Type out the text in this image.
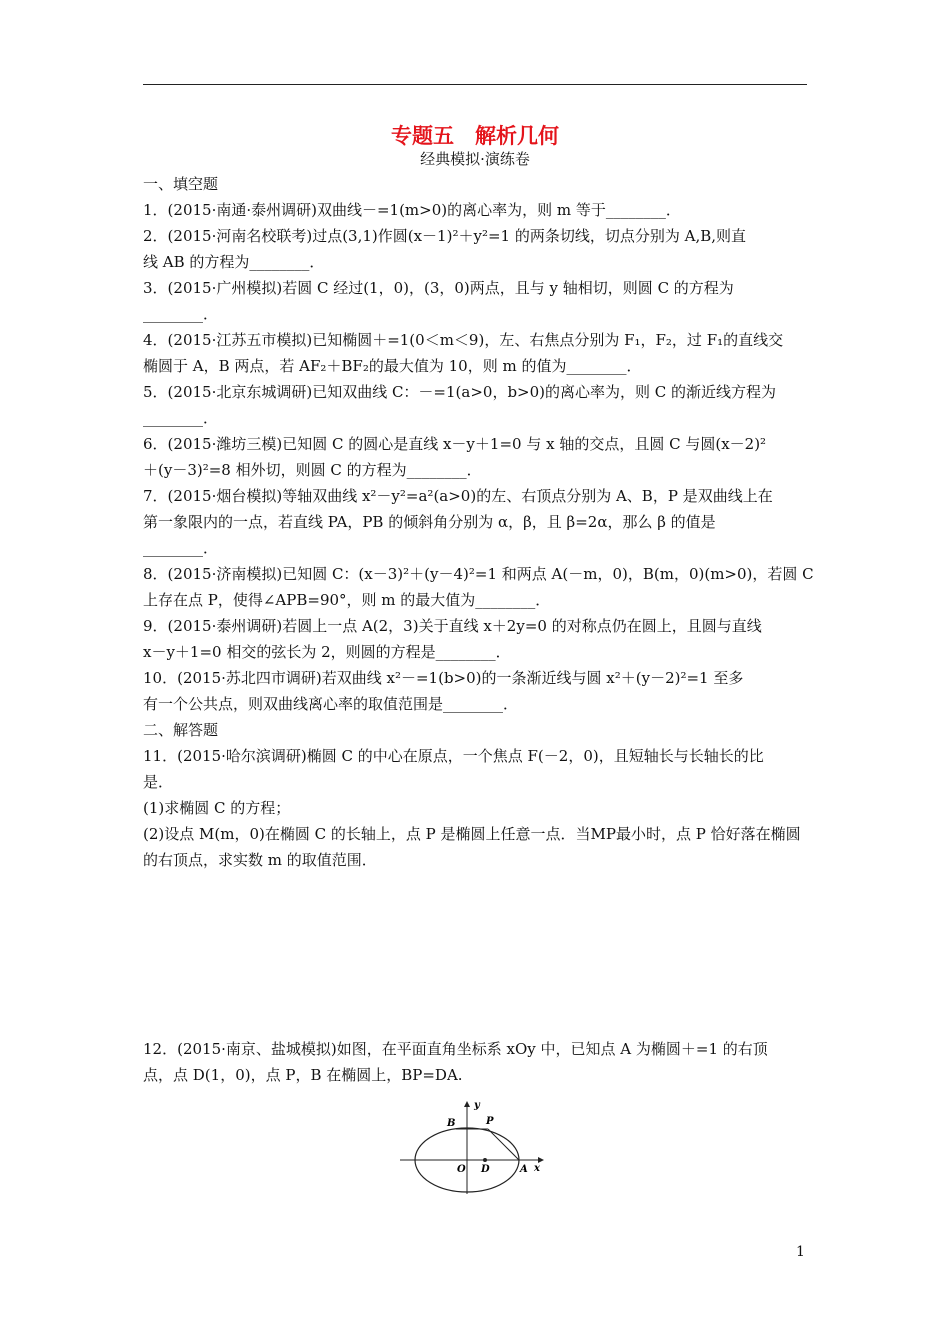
专题五　解析几何
经典模拟·演练卷

一、填空题

1．(2015·南通·泰州调研)双曲线－=1(m>0)的离心率为，则 m 等于________．

2．(2015·河南名校联考)过点(3,1)作圆(x－1)²＋y²=1 的两条切线，切点分别为 A,B,则直

线 AB 的方程为________．

3．(2015·广州模拟)若圆 C 经过(1，0)，(3，0)两点，且与 y 轴相切，则圆 C 的方程为

________．

4．(2015·江苏五市模拟)已知椭圆＋=1(0＜m＜9)，左、右焦点分别为 F₁，F₂，过 F₁的直线交

椭圆于 A，B 两点，若 AF₂＋BF₂的最大值为 10，则 m 的值为________．

5．(2015·北京东城调研)已知双曲线 C：－=1(a>0，b>0)的离心率为，则 C 的渐近线方程为

________．

6．(2015·潍坊三模)已知圆 C 的圆心是直线 x－y＋1=0 与 x 轴的交点，且圆 C 与圆(x－2)²

＋(y－3)²=8 相外切，则圆 C 的方程为________．

7．(2015·烟台模拟)等轴双曲线 x²－y²=a²(a>0)的左、右顶点分别为 A、B，P 是双曲线上在

第一象限内的一点，若直线 PA，PB 的倾斜角分别为 α，β，且 β=2α，那么 β 的值是

________．

8．(2015·济南模拟)已知圆 C：(x－3)²＋(y－4)²=1 和两点 A(－m，0)，B(m，0)(m>0)，若圆 C

上存在点 P，使得∠APB=90°，则 m 的最大值为________．

9．(2015·泰州调研)若圆上一点 A(2，3)关于直线 x＋2y=0 的对称点仍在圆上，且圆与直线

x－y＋1=0 相交的弦长为 2，则圆的方程是________．

10．(2015·苏北四市调研)若双曲线 x²－=1(b>0)的一条渐近线与圆 x²＋(y－2)²=1 至多

有一个公共点，则双曲线离心率的取值范围是________．

二、解答题

11．(2015·哈尔滨调研)椭圆 C 的中心在原点，一个焦点 F(－2，0)，且短轴长与长轴长的比

是．

(1)求椭圆 C 的方程；

(2)设点 M(m，0)在椭圆 C 的长轴上，点 P 是椭圆上任意一点．当MP最小时，点 P 恰好落在椭圆

的右顶点，求实数 m 的取值范围．

12．(2015·南京、盐城模拟)如图，在平面直角坐标系 xOy 中，已知点 A 为椭圆＋=1 的右顶

点，点 D(1，0)，点 P，B 在椭圆上，BP=DA.

y
B	P
O D	A x
1
